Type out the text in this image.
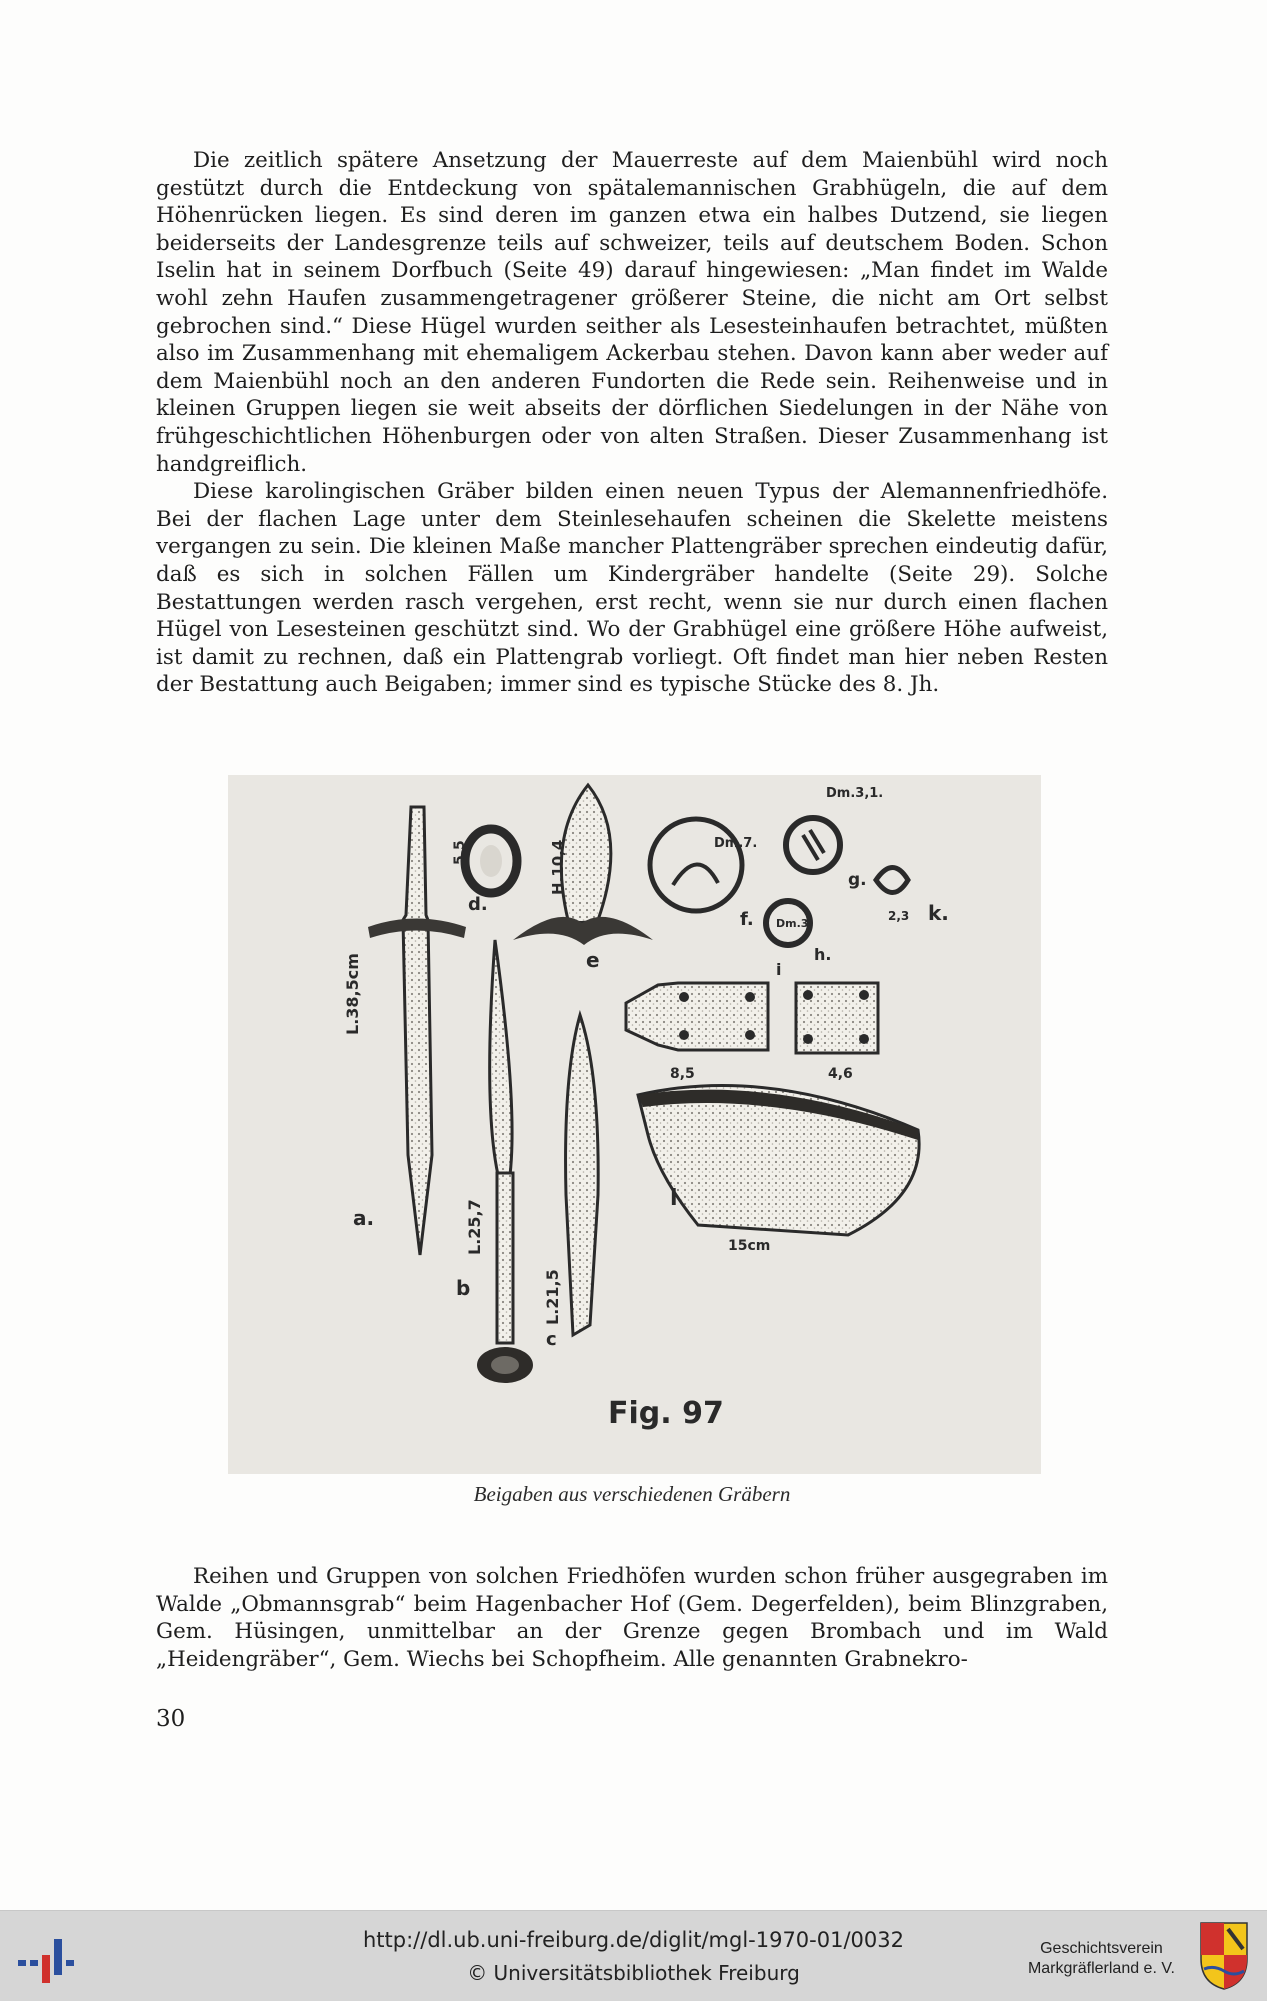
Die zeitlich spätere Ansetzung der Mauerreste auf dem Maienbühl wird noch gestützt durch die Entdeckung von spätalemannischen Grabhügeln, die auf dem Höhenrücken liegen. Es sind deren im ganzen etwa ein halbes Dutzend, sie liegen beiderseits der Landesgrenze teils auf schweizer, teils auf deutschem Boden. Schon Iselin hat in seinem Dorfbuch (Seite 49) darauf hingewiesen: „Man findet im Walde wohl zehn Haufen zusammengetragener größerer Steine, die nicht am Ort selbst gebrochen sind.“ Diese Hügel wurden seither als Lesesteinhaufen betrachtet, müßten also im Zusammenhang mit ehemaligem Ackerbau stehen. Davon kann aber weder auf dem Maienbühl noch an den anderen Fundorten die Rede sein. Reihenweise und in kleinen Gruppen liegen sie weit abseits der dörflichen Siedelungen in der Nähe von frühgeschichtlichen Höhenburgen oder von alten Straßen. Dieser Zusammenhang ist handgreiflich.

Diese karolingischen Gräber bilden einen neuen Typus der Alemannenfriedhöfe. Bei der flachen Lage unter dem Steinlesehaufen scheinen die Skelette meistens vergangen zu sein. Die kleinen Maße mancher Plattengräber sprechen eindeutig dafür, daß es sich in solchen Fällen um Kindergräber handelte (Seite 29). Solche Bestattungen werden rasch vergehen, erst recht, wenn sie nur durch einen flachen Hügel von Lesesteinen geschützt sind. Wo der Grabhügel eine größere Höhe aufweist, ist damit zu rechnen, daß ein Plattengrab vorliegt. Oft findet man hier neben Resten der Bestattung auch Beigaben; immer sind es typische Stücke des 8. Jh.

a.
L.38,5cm
b
L.25,7
c
L.21,5
d.
5,5
e
H.10,4
f.
Dm.7.
g.
Dm.3,1.
h.
Dm.3
i
k.
2,3
8,5	4,6
l
15cm
Fig. 97
Beigaben aus verschiedenen Gräbern

Reihen und Gruppen von solchen Friedhöfen wurden schon früher ausgegraben im Walde „Obmannsgrab“ beim Hagenbacher Hof (Gem. Degerfelden), beim Blinzgraben, Gem. Hüsingen, unmittelbar an der Grenze gegen Brombach und im Wald „Heidengräber“, Gem. Wiechs bei Schopfheim. Alle genannten Grabnekro-

30
http://dl.ub.uni-freiburg.de/diglit/mgl-1970-01/0032
© Universitätsbibliothek Freiburg
Geschichtsverein
Markgräflerland e. V.
